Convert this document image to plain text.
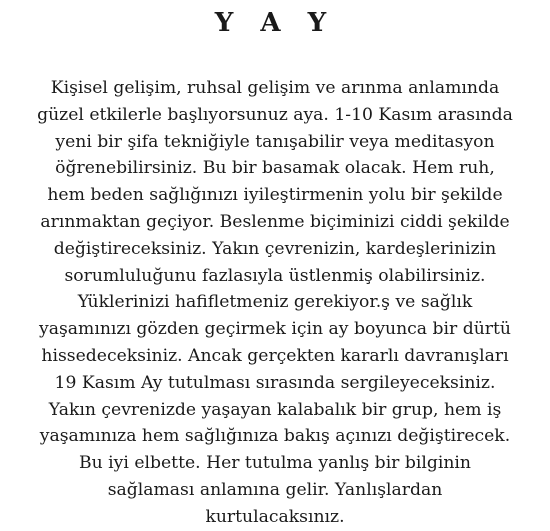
Y A Y

Kişisel gelişim, ruhsal gelişim ve arınma anlamında
güzel etkilerle başlıyorsunuz aya. 1-10 Kasım arasında
yeni bir şifa tekniğiyle tanışabilir veya meditasyon
öğrenebilirsiniz. Bu bir basamak olacak. Hem ruh,
hem beden sağlığınızı iyileştirmenin yolu bir şekilde
arınmaktan geçiyor. Beslenme biçiminizi ciddi şekilde
değiştireceksiniz. Yakın çevrenizin, kardeşlerinizin
sorumluluğunu fazlasıyla üstlenmiş olabilirsiniz.
Yüklerinizi hafifletmeniz gerekiyor.ş ve sağlık
yaşamınızı gözden geçirmek için ay boyunca bir dürtü
hissedeceksiniz. Ancak gerçekten kararlı davranışları
19 Kasım Ay tutulması sırasında sergileyeceksiniz.
Yakın çevrenizde yaşayan kalabalık bir grup, hem iş
yaşamınıza hem sağlığınıza bakış açınızı değiştirecek.
Bu iyi elbette. Her tutulma yanlış bir bilginin
sağlaması anlamına gelir. Yanlışlardan
kurtulacaksınız.
